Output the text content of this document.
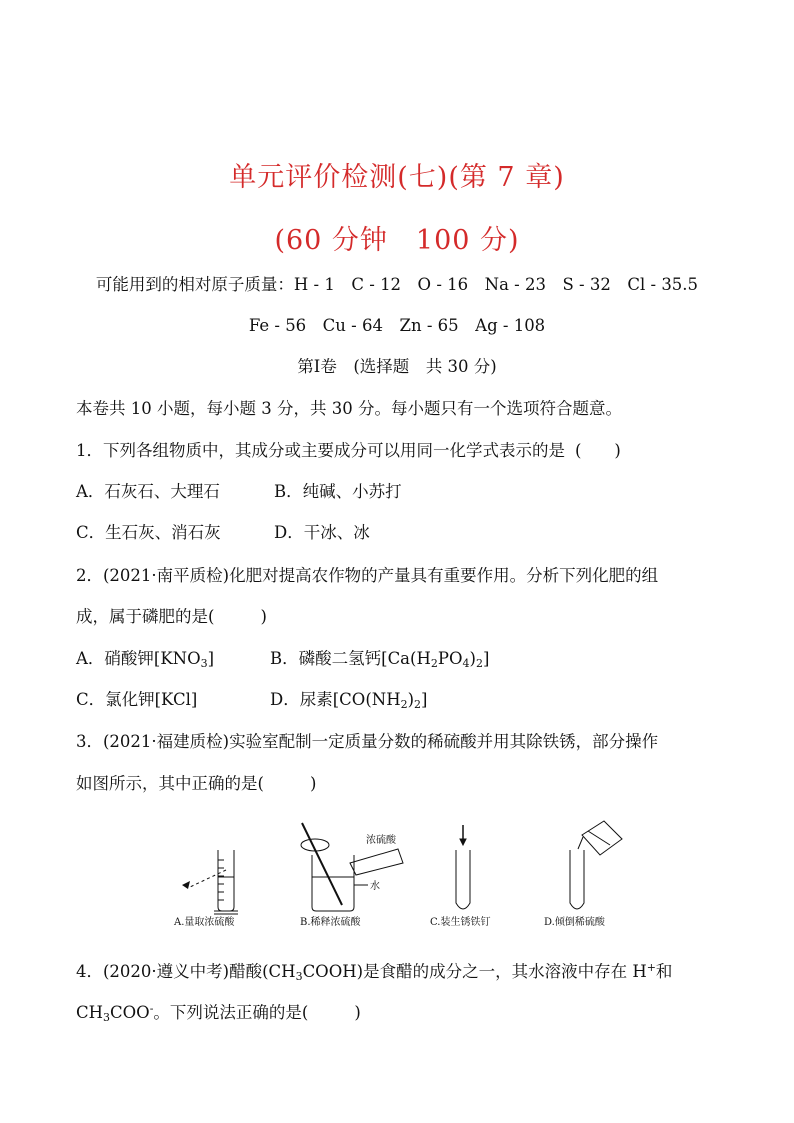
单元评价检测(七)(第 7 章)
(60 分钟　100 分)
可能用到的相对原子质量：H - 1　C - 12　O - 16　Na - 23　S - 32　Cl - 35.5
Fe - 56　Cu - 64　Zn - 65　Ag - 108
第Ⅰ卷　(选择题　共 30 分)
本卷共 10 小题，每小题 3 分，共 30 分。每小题只有一个选项符合题意。
1．下列各组物质中，其成分或主要成分可以用同一化学式表示的是 (　　)
A．石灰石、大理石	B．纯碱、小苏打
C．生石灰、消石灰	D．干冰、冰
2．(2021·南平质检)化肥对提高农作物的产量具有重要作用。分析下列化肥的组
成，属于磷肥的是(	)
A．硝酸钾$[KNO_3]$	B．磷酸二氢钙$[Ca(H_2PO_4)_2]$
C．氯化钾[KCl]	D．尿素$[CO(NH_2)_2]$
3．(2021·福建质检)实验室配制一定质量分数的稀硫酸并用其除铁锈，部分操作
如图所示，其中正确的是(	)
A.量取浓硫酸
浓硫酸
水
B.稀释浓硫酸	C.装生锈铁钉	D.倾倒稀硫酸
4．(2020·遵义中考)醋酸$(CH_3COOH)$是食醋的成分之一，其水溶液中存在 H+和
$CH_3COO^-$。下列说法正确的是(	)
